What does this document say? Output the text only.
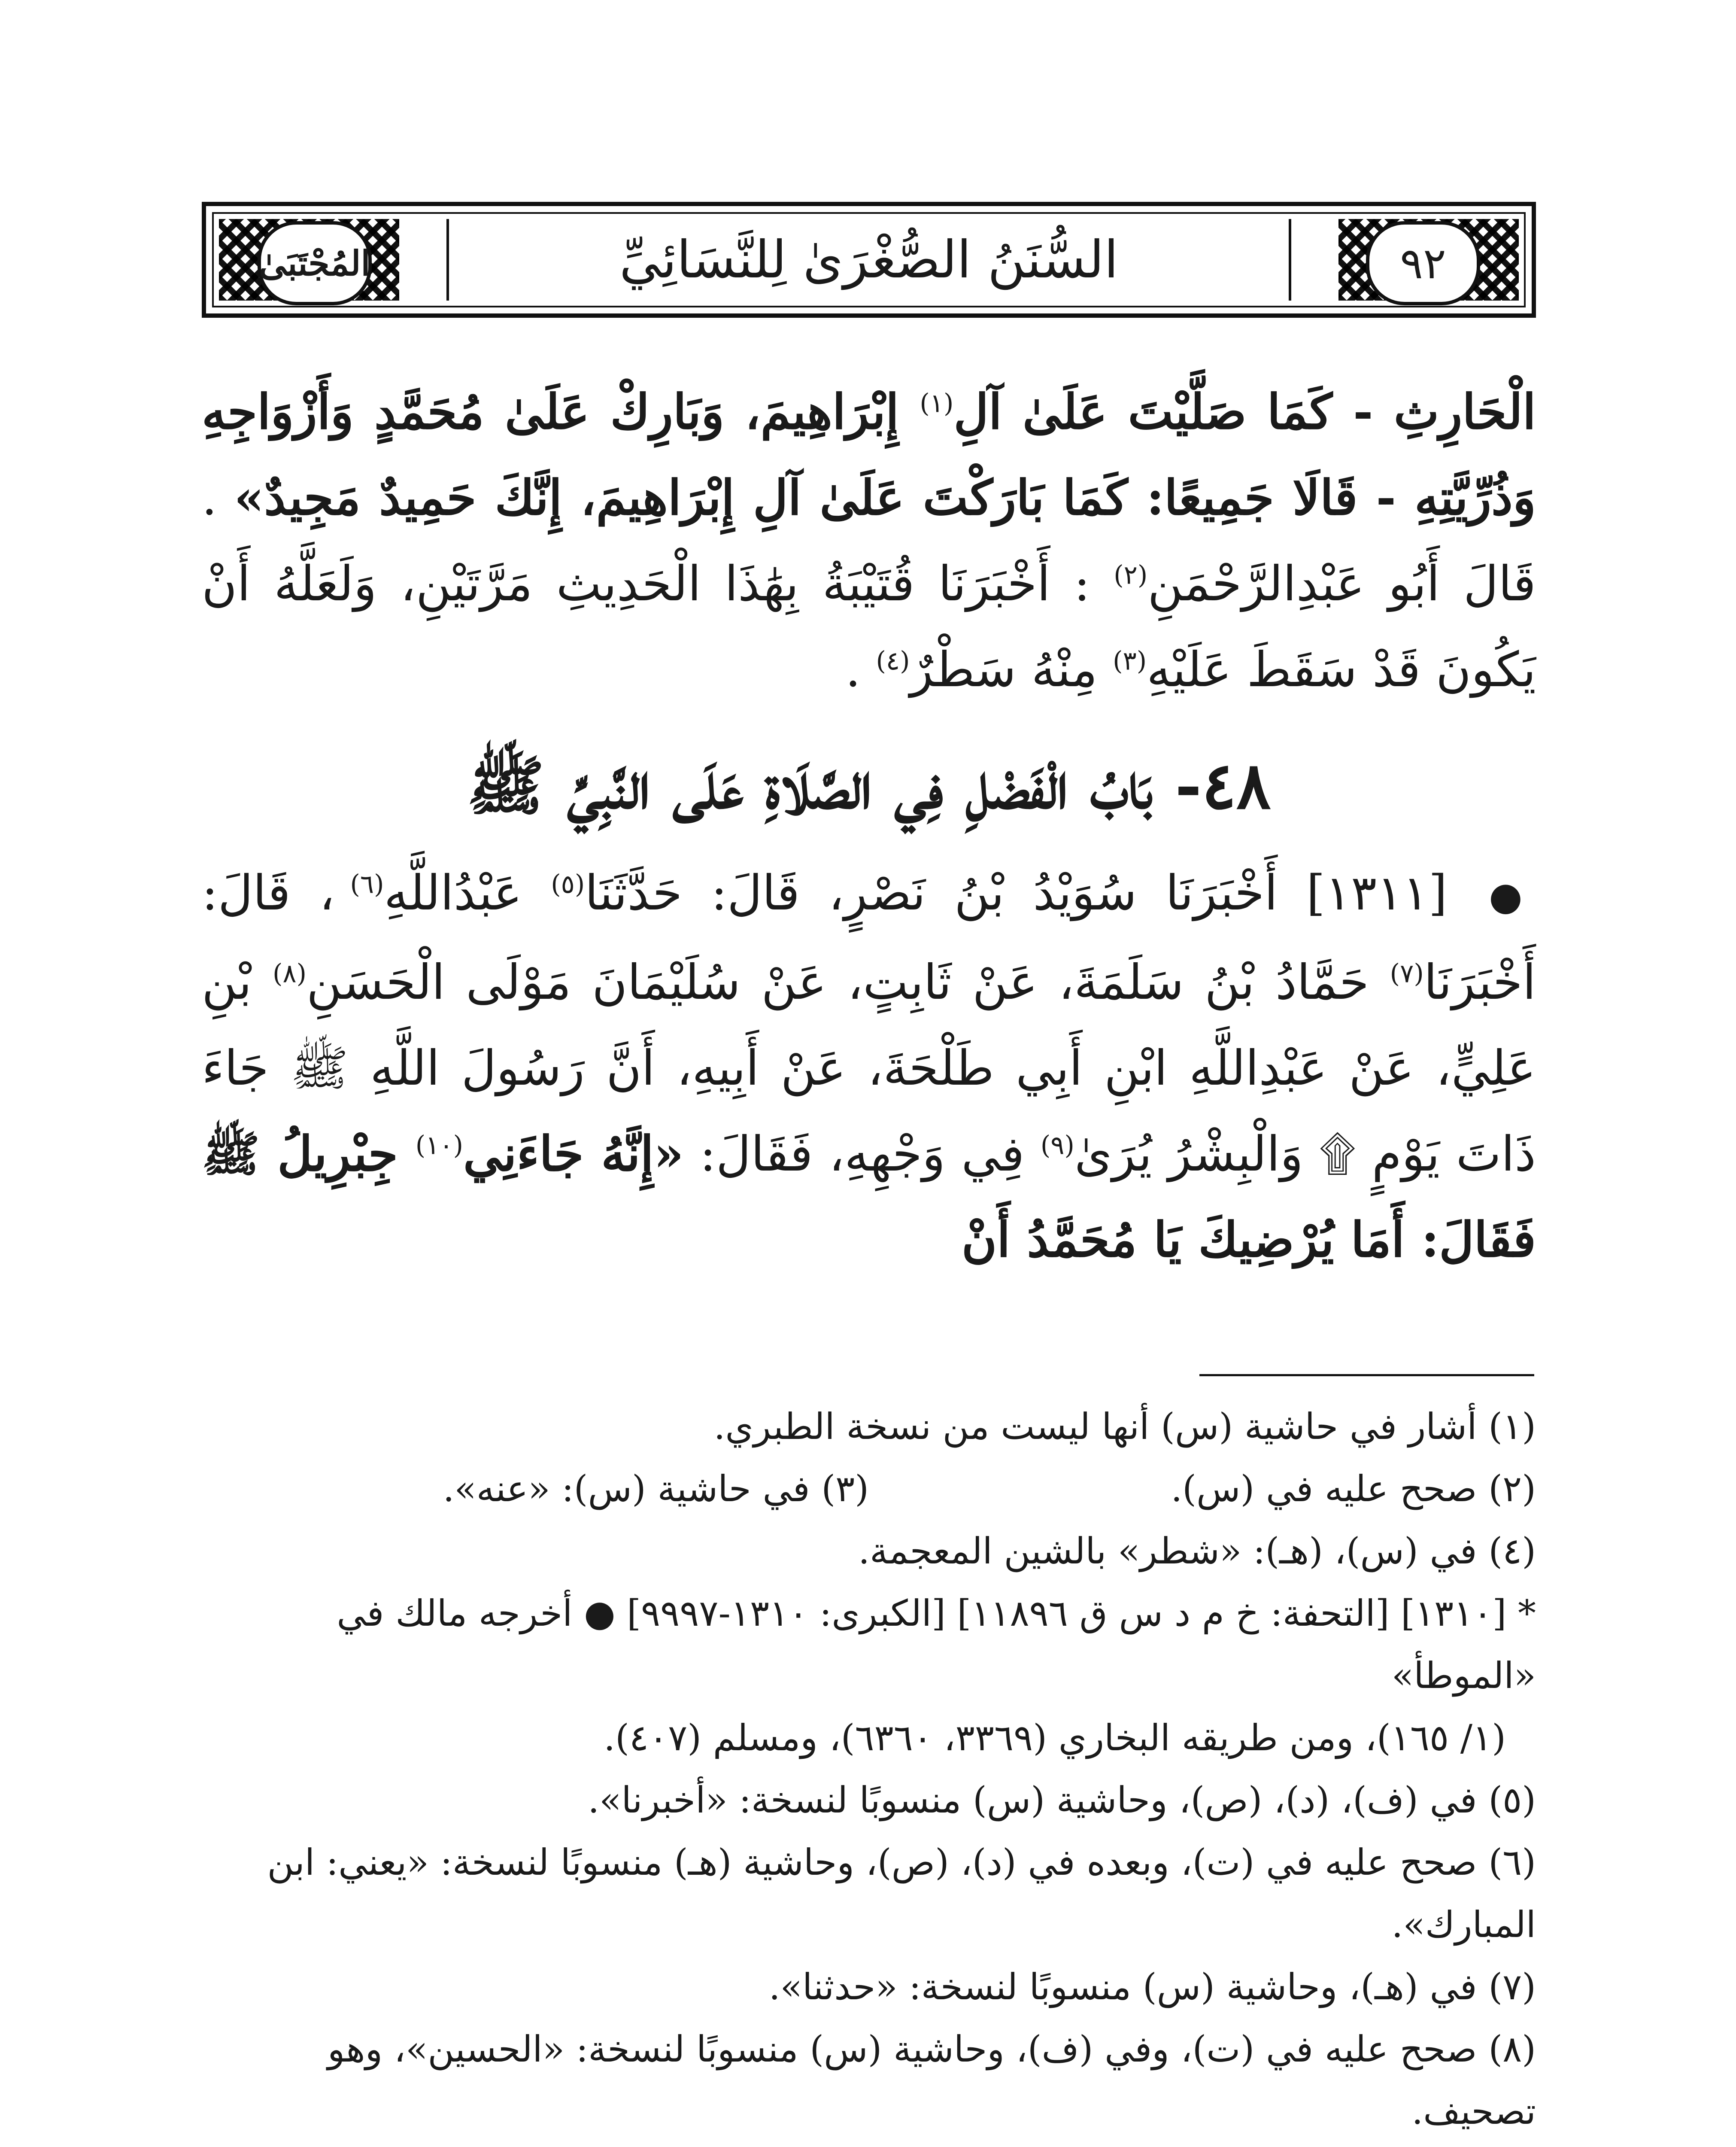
المُجْتَبَىٰ	٩٢
السُّنَنُ الصُّغْرَىٰ لِلنَّسَائِيِّ

الْحَارِثِ - كَمَا صَلَّيْتَ عَلَىٰ آلِ$^{(١)}$ إِبْرَاهِيمَ، وَبَارِكْ عَلَىٰ مُحَمَّدٍ وَأَزْوَاجِهِ وَذُرِّيَّتِهِ - قَالَا جَمِيعًا: كَمَا بَارَكْتَ عَلَىٰ آلِ إِبْرَاهِيمَ، إِنَّكَ حَمِيدٌ مَجِيدٌ» . قَالَ أَبُو عَبْدِالرَّحْمَنِ$^{(٢)}$ : أَخْبَرَنَا قُتَيْبَةُ بِهَٰذَا الْحَدِيثِ مَرَّتَيْنِ، وَلَعَلَّهُ أَنْ يَكُونَ قَدْ سَقَطَ عَلَيْهِ$^{(٣)}$ مِنْهُ سَطْرٌ$^{(٤)}$ .

٤٨- بَابُ الْفَضْلِ فِي الصَّلَاةِ عَلَى النَّبِيِّ ﷺ

● [١٣١١] أَخْبَرَنَا سُوَيْدُ بْنُ نَصْرٍ، قَالَ: حَدَّثَنَا$^{(٥)}$ عَبْدُاللَّهِ$^{(٦)}$ ، قَالَ: أَخْبَرَنَا$^{(٧)}$ حَمَّادُ بْنُ سَلَمَةَ، عَنْ ثَابِتٍ، عَنْ سُلَيْمَانَ مَوْلَى الْحَسَنِ$^{(٨)}$ بْنِ عَلِيٍّ، عَنْ عَبْدِاللَّهِ ابْنِ أَبِي طَلْحَةَ، عَنْ أَبِيهِ، أَنَّ رَسُولَ اللَّهِ ﷺ جَاءَ ذَاتَ يَوْمٍ ۩ وَالْبِشْرُ يُرَىٰ$^{(٩)}$ فِي وَجْهِهِ، فَقَالَ: «إِنَّهُ جَاءَنِي$^{(١٠)}$ جِبْرِيلُ ﷺ فَقَالَ: أَمَا يُرْضِيكَ يَا مُحَمَّدُ أَنْ

(١) أشار في حاشية (س) أنها ليست من نسخة الطبري.

(٢) صحح عليه في (س).

(٣) في حاشية (س): «عنه».

(٤) في (س)، (هـ): «شطر» بالشين المعجمة.

* [١٣١٠] [التحفة: خ م د س ق ١١٨٩٦] [الكبرى: ١٣١٠-٩٩٩٧] ● أخرجه مالك في «الموطأ»

(١/ ١٦٥)، ومن طريقه البخاري (٣٣٦٩، ٦٣٦٠)، ومسلم (٤٠٧).

(٥) في (ف)، (د)، (ص)، وحاشية (س) منسوبًا لنسخة: «أخبرنا».

(٦) صحح عليه في (ت)، وبعده في (د)، (ص)، وحاشية (هـ) منسوبًا لنسخة: «يعني: ابن المبارك».

(٧) في (هـ)، وحاشية (س) منسوبًا لنسخة: «حدثنا».

(٨) صحح عليه في (ت)، وفي (ف)، وحاشية (س) منسوبًا لنسخة: «الحسين»، وهو تصحيف.
